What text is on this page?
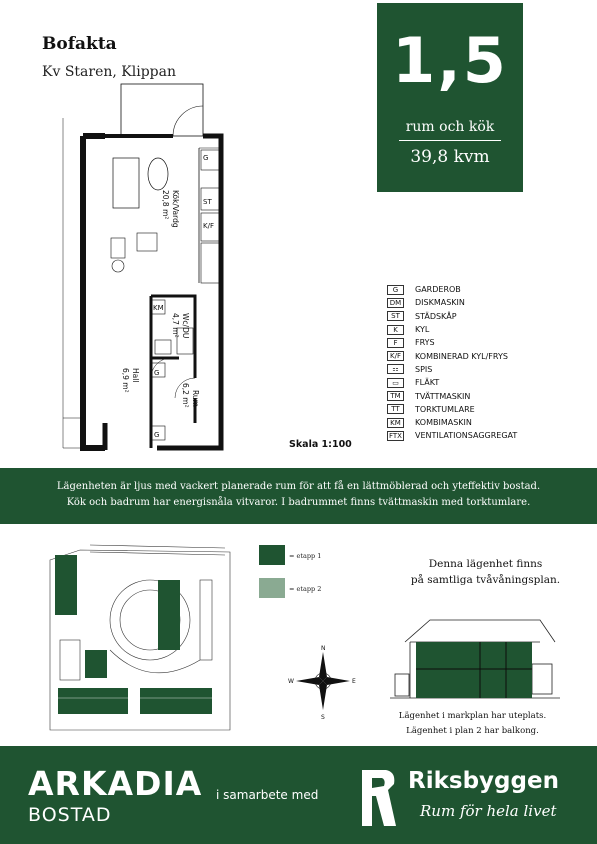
Bofakta
Kv Staren, Klippan	1,5
rum och kök
39,8 kvm
G
ST
K/F
KM
G
G
Kök/Vardg
20,8 m²
Wc/DU
4,7 m²
Hall
6,9 m²
Rum
6,2 m²
G	GARDEROB
DM	DISKMASKIN
ST	STÄDSKÅP
K	KYL
F	FRYS
K/F	KOMBINERAD KYL/FRYS
⚏	SPIS
▭	FLÄKT
TM	TVÄTTMASKIN
TT	TORKTUMLARE
KM	KOMBIMASKIN
FTX VENTILATIONSAGGREGAT
Skala 1:100
Lägenheten är ljus med vackert planerade rum för att få en lättmöblerad och yteffektiv bostad.
Kök och badrum har energisnåla vitvaror. I badrummet finns tvättmaskin med torktumlare.
= etapp 1
= etapp 2
N
S
W	E
Denna lägenhet finns
på samtliga tvåvåningsplan.
Lägenhet i markplan har uteplats.
Lägenhet i plan 2 har balkong.
ARKADIA
BOSTAD
i samarbete med
Riksbyggen
Rum för hela livet
